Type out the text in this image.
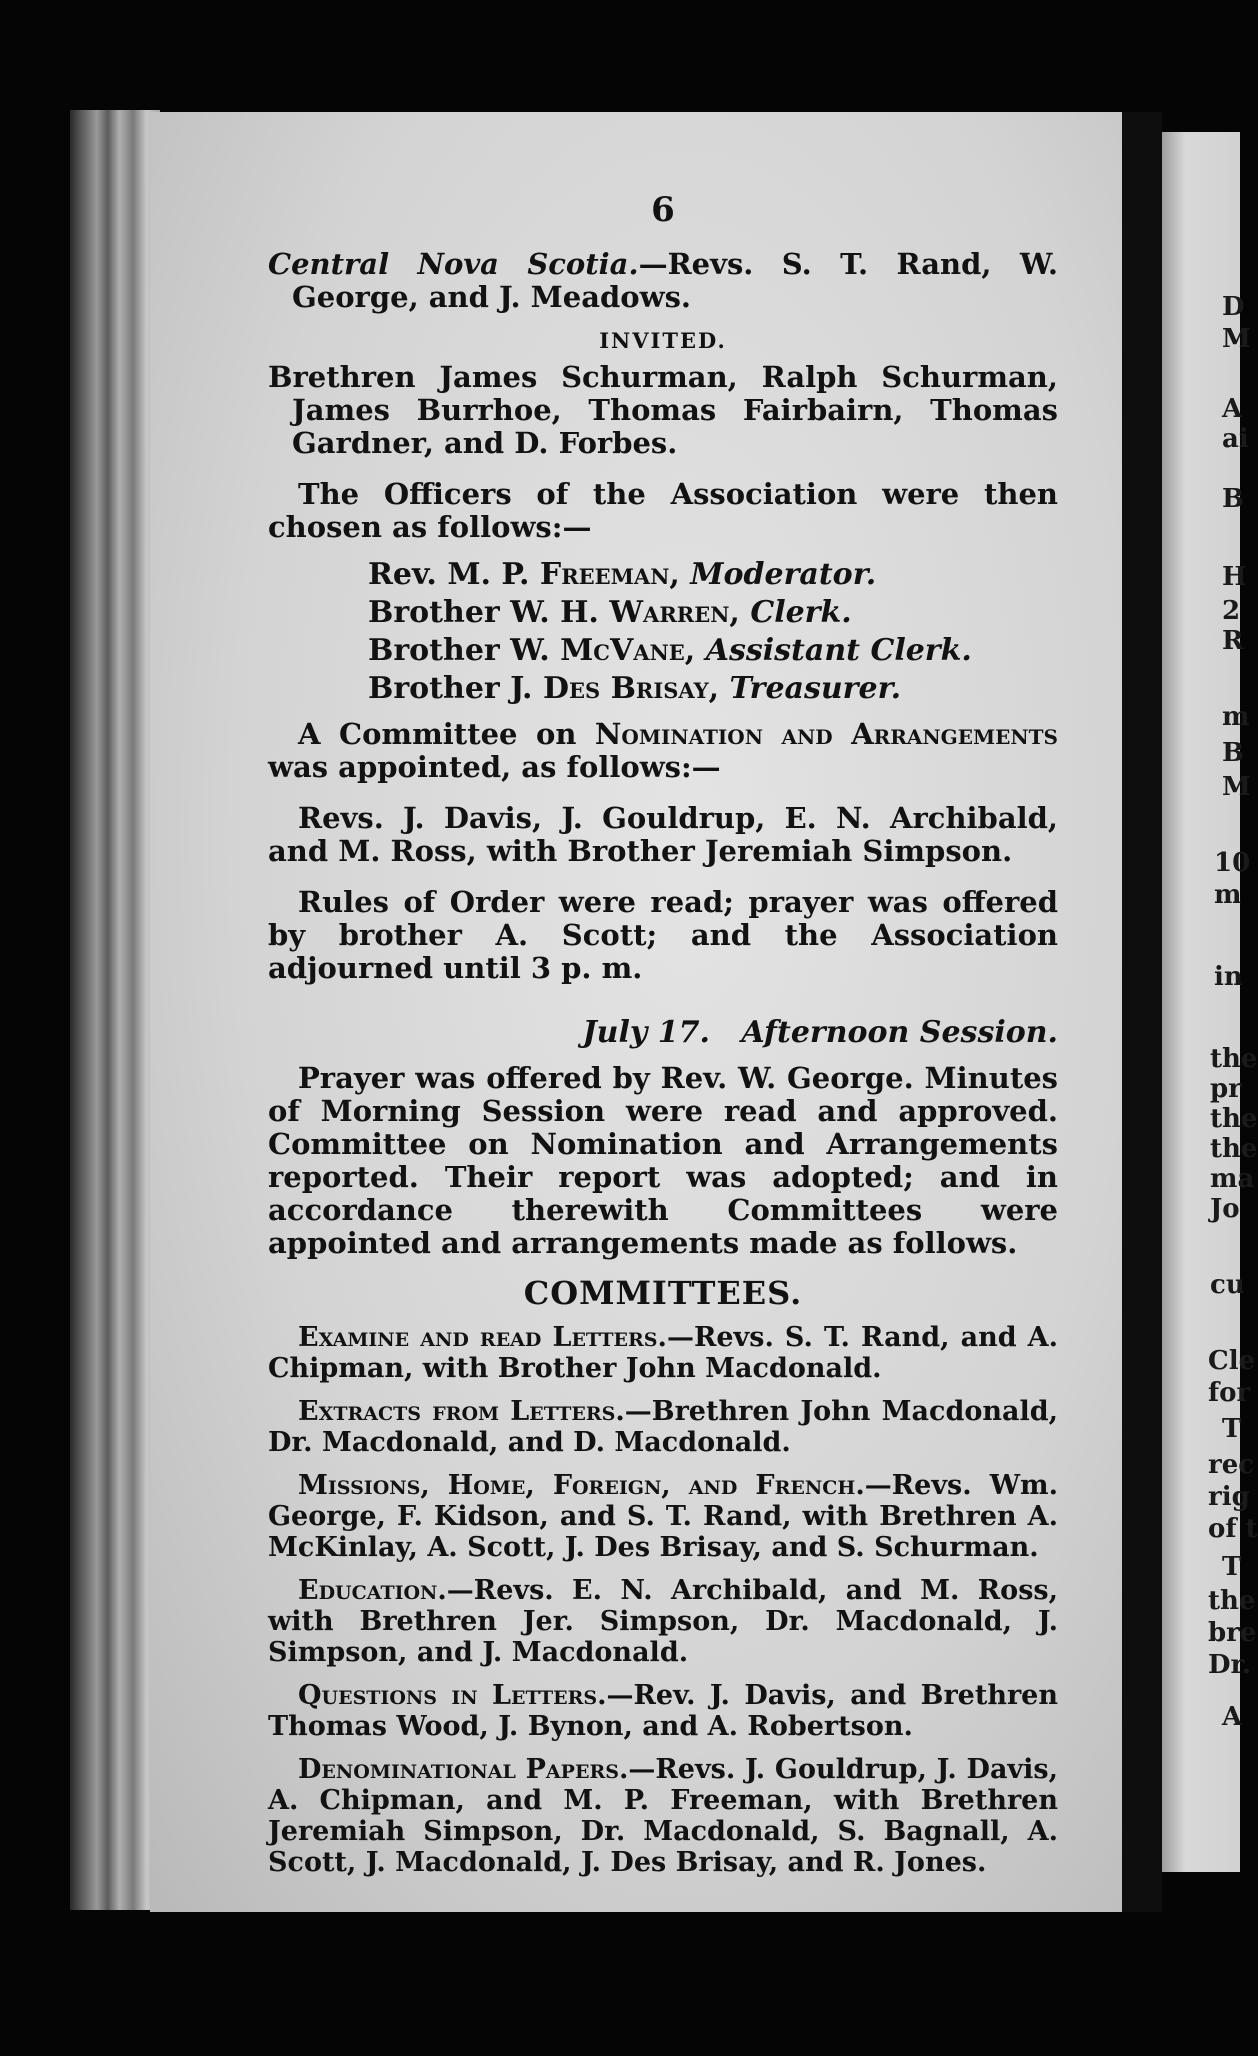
6

Central Nova Scotia.—Revs. S. T. Rand, W. George, and J. Meadows.

INVITED.

Brethren James Schurman, Ralph Schurman, James Burrhoe, Thomas Fairbairn, Thomas Gardner, and D. Forbes.

The Officers of the Association were then chosen as follows:—

Rev. M. P. Freeman, Moderator.
Brother W. H. Warren, Clerk.
Brother W. McVane, Assistant Clerk.
Brother J. Des Brisay, Treasurer.

A Committee on Nomination and Arrangements was appointed, as follows:—

Revs. J. Davis, J. Gouldrup, E. N. Archibald, and M. Ross, with Brother Jeremiah Simpson.

Rules of Order were read; prayer was offered by brother A. Scott; and the Association adjourned until 3 p. m.

July 17. Afternoon Session.

Prayer was offered by Rev. W. George. Minutes of Morning Session were read and approved. Committee on Nomination and Arrangements reported. Their report was adopted; and in accordance therewith Committees were appointed and arrangements made as follows.

COMMITTEES.

Examine and read Letters.—Revs. S. T. Rand, and A. Chipman, with Brother John Macdonald.

Extracts from Letters.—Brethren John Macdonald, Dr. Macdonald, and D. Macdonald.

Missions, Home, Foreign, and French.—Revs. Wm. George, F. Kidson, and S. T. Rand, with Brethren A. McKinlay, A. Scott, J. Des Brisay, and S. Schurman.

Education.—Revs. E. N. Archibald, and M. Ross, with Brethren Jer. Simpson, Dr. Macdonald, J. Simpson, and J. Macdonald.

Questions in Letters.—Rev. J. Davis, and Brethren Thomas Wood, J. Bynon, and A. Robertson.

Denominational Papers.—Revs. J. Gouldrup, J. Davis, A. Chipman, and M. P. Freeman, with Brethren Jeremiah Simpson, Dr. Macdonald, S. Bagnall, A. Scott, J. Macdonald, J. Des Brisay, and R. Jones.

D
M
A
ai
B
H
2
R
m
B
M
10
m
in
the
pr
the
the
ma
Jo
cu
Cle
for
T
rec
rig
of t
T
the
bre
Dr.
A
